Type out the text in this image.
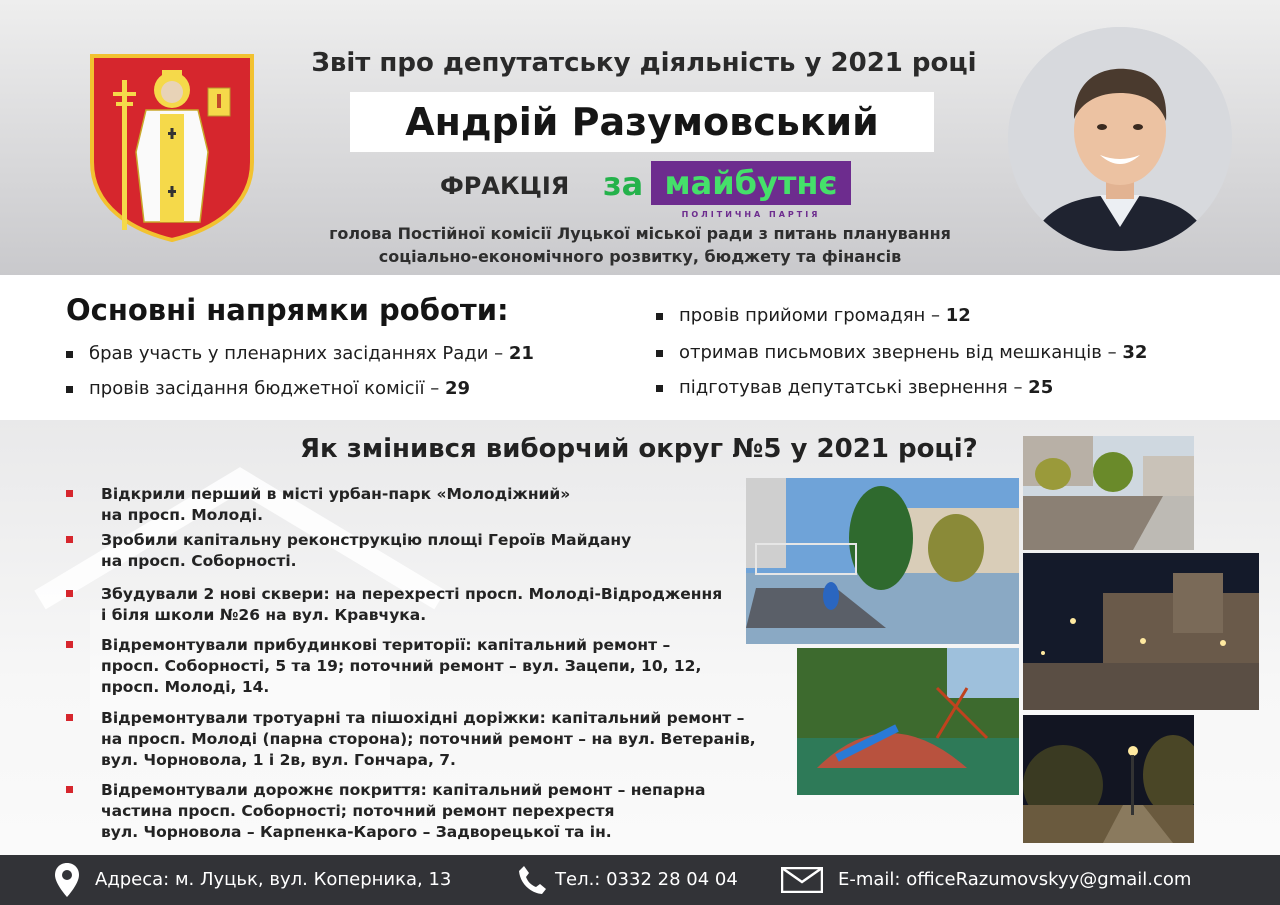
Звіт про депутатську діяльність у 2021 році
Андрій Разумовський
ФРАКЦІЯ за майбутнє
ПОЛІТИЧНА ПАРТІЯ
голова Постійної комісії Луцької міської ради з питань планування
соціально-економічного розвитку, бюджету та фінансів
Основні напрямки роботи:
брав участь у пленарних засіданнях Ради – 21
провів засідання бюджетної комісії – 29
провів прийоми громадян – 12
отримав письмових звернень від мешканців – 32
підготував депутатські звернення – 25
Як змінився виборчий округ №5 у 2021 році?
Відкрили перший в місті урбан-парк «Молодіжний»
на просп. Молоді.
Зробили капітальну реконструкцію площі Героїв Майдану
на просп. Соборності.
Збудували 2 нові сквери: на перехресті просп. Молоді-Відродження
і біля школи №26 на вул. Кравчука.
Відремонтували прибудинкові території: капітальний ремонт –
просп. Соборності, 5 та 19; поточний ремонт – вул. Зацепи, 10, 12,
просп. Молоді, 14.
Відремонтували тротуарні та пішохідні доріжки: капітальний ремонт –
на просп. Молоді (парна сторона); поточний ремонт – на вул. Ветеранів,
вул. Чорновола, 1 і 2в, вул. Гончара, 7.
Відремонтували дорожнє покриття: капітальний ремонт – непарна
частина просп. Соборності; поточний ремонт перехрестя
вул. Чорновола – Карпенка-Карого – Задворецької та ін.
Адреса: м. Луцьк, вул. Коперника, 13	Тел.: 0332 28 04 04	E-mail: officeRazumovskyy@gmail.com
